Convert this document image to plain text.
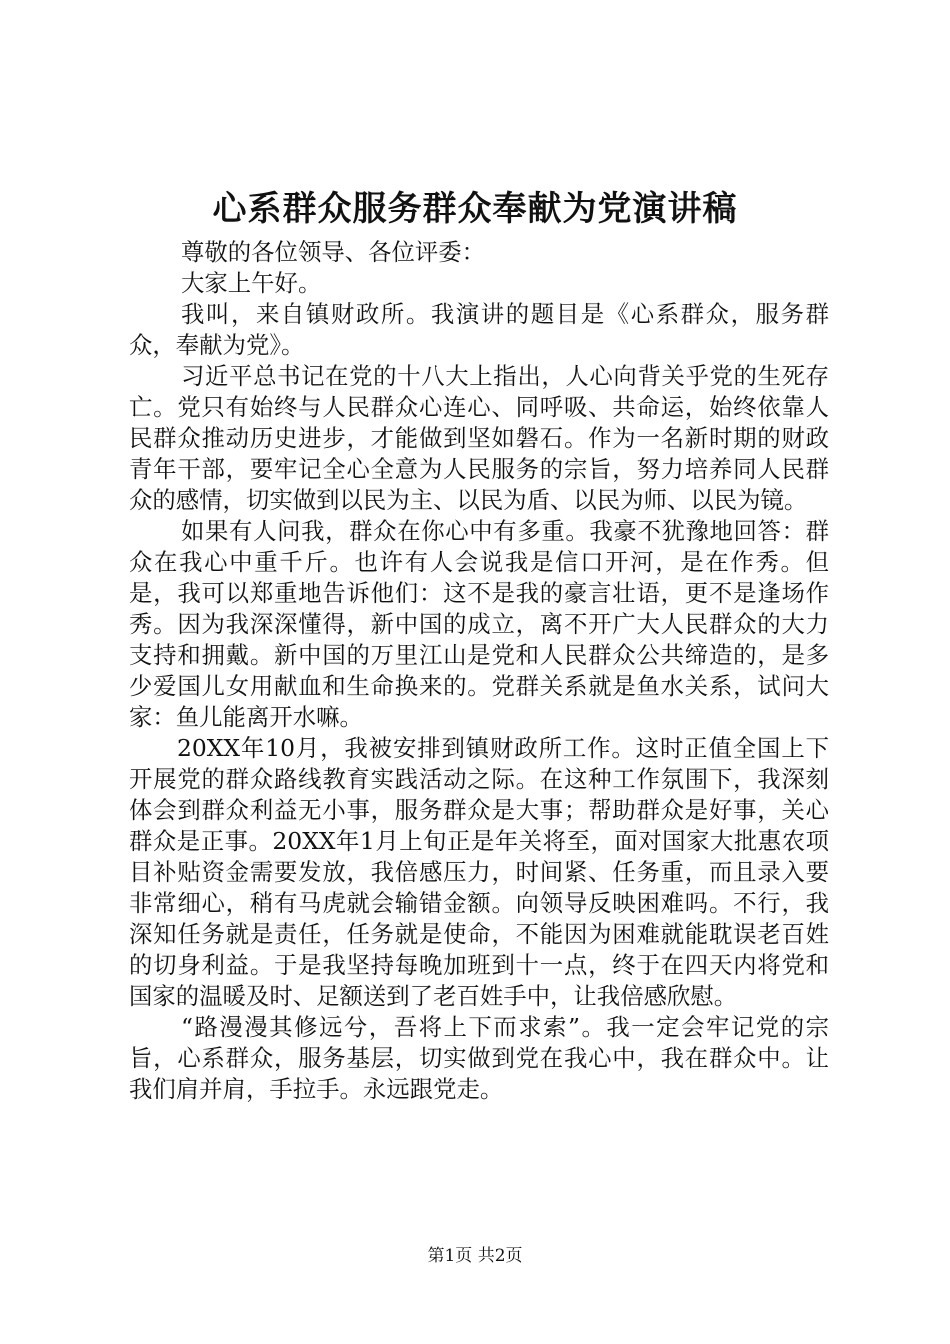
心系群众服务群众奉献为党演讲稿

尊敬的各位领导、各位评委：

大家上午好。

我叫，来自镇财政所。我演讲的题目是《心系群众，服务群众，奉献为党》。

习近平总书记在党的十八大上指出，人心向背关乎党的生死存亡。党只有始终与人民群众心连心、同呼吸、共命运，始终依靠人民群众推动历史进步，才能做到坚如磐石。作为一名新时期的财政青年干部，要牢记全心全意为人民服务的宗旨，努力培养同人民群众的感情，切实做到以民为主、以民为盾、以民为师、以民为镜。

如果有人问我，群众在你心中有多重。我豪不犹豫地回答：群众在我心中重千斤。也许有人会说我是信口开河，是在作秀。但是，我可以郑重地告诉他们：这不是我的豪言壮语，更不是逢场作秀。因为我深深懂得，新中国的成立，离不开广大人民群众的大力支持和拥戴。新中国的万里江山是党和人民群众公共缔造的，是多少爱国儿女用献血和生命换来的。党群关系就是鱼水关系，试问大家：鱼儿能离开水嘛。

20XX年10月，我被安排到镇财政所工作。这时正值全国上下开展党的群众路线教育实践活动之际。在这种工作氛围下，我深刻体会到群众利益无小事，服务群众是大事；帮助群众是好事，关心群众是正事。20XX年1月上旬正是年关将至，面对国家大批惠农项目补贴资金需要发放，我倍感压力，时间紧、任务重，而且录入要非常细心，稍有马虎就会输错金额。向领导反映困难吗。不行，我深知任务就是责任，任务就是使命，不能因为困难就能耽误老百姓的切身利益。于是我坚持每晚加班到十一点，终于在四天内将党和国家的温暖及时、足额送到了老百姓手中，让我倍感欣慰。

“路漫漫其修远兮，吾将上下而求索”。我一定会牢记党的宗旨，心系群众，服务基层，切实做到党在我心中，我在群众中。让我们肩并肩，手拉手。永远跟党走。

第1页 共2页
